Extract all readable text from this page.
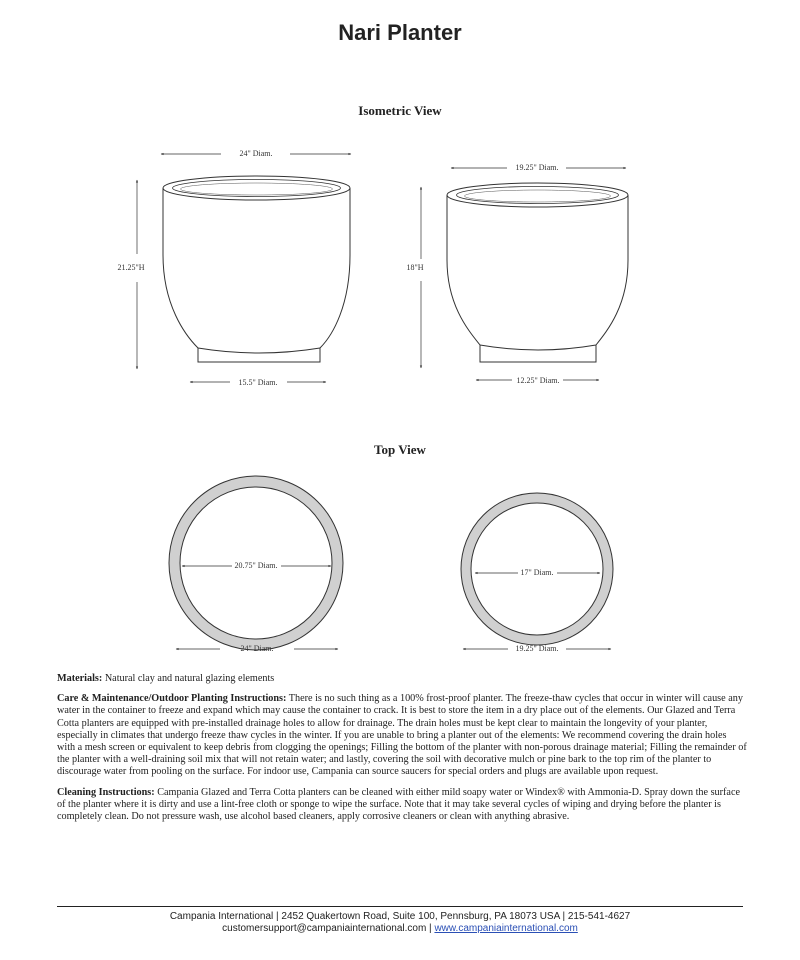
Nari Planter
Isometric View
Top View
24" Diam.
21.25"H
15.5" Diam.
19.25" Diam.
18"H
12.25" Diam.
20.75" Diam.
24" Diam.
17" Diam.
19.25" Diam.

Materials: Natural clay and natural glazing elements

Care & Maintenance/Outdoor Planting Instructions: There is no such thing as a 100% frost-proof planter. The freeze-thaw cycles that occur in winter will cause any water in the container to freeze and expand which may cause the container to crack. It is best to store the item in a dry place out of the elements. Our Glazed and Terra Cotta planters are equipped with pre-installed drainage holes to allow for drainage. The drain holes must be kept clear to maintain the longevity of your planter, especially in climates that undergo freeze thaw cycles in the winter. If you are unable to bring a planter out of the elements: We recommend covering the drain holes with a mesh screen or equivalent to keep debris from clogging the openings; Filling the bottom of the planter with non-porous drainage material; Filling the remainder of the planter with a well-draining soil mix that will not retain water; and lastly, covering the soil with decorative mulch or pine bark to the top rim of the planter to discourage water from pooling on the surface. For indoor use, Campania can source saucers for special orders and plugs are available upon request.

Cleaning Instructions: Campania Glazed and Terra Cotta planters can be cleaned with either mild soapy water or Windex® with Ammonia-D. Spray down the surface of the planter where it is dirty and use a lint-free cloth or sponge to wipe the surface. Note that it may take several cycles of wiping and drying before the planter is completely clean. Do not pressure wash, use alcohol based cleaners, apply corrosive cleaners or clean with anything abrasive.

Campania International | 2452 Quakertown Road, Suite 100, Pennsburg, PA 18073 USA | 215-541-4627
customersupport@campaniainternational.com | www.campaniainternational.com
